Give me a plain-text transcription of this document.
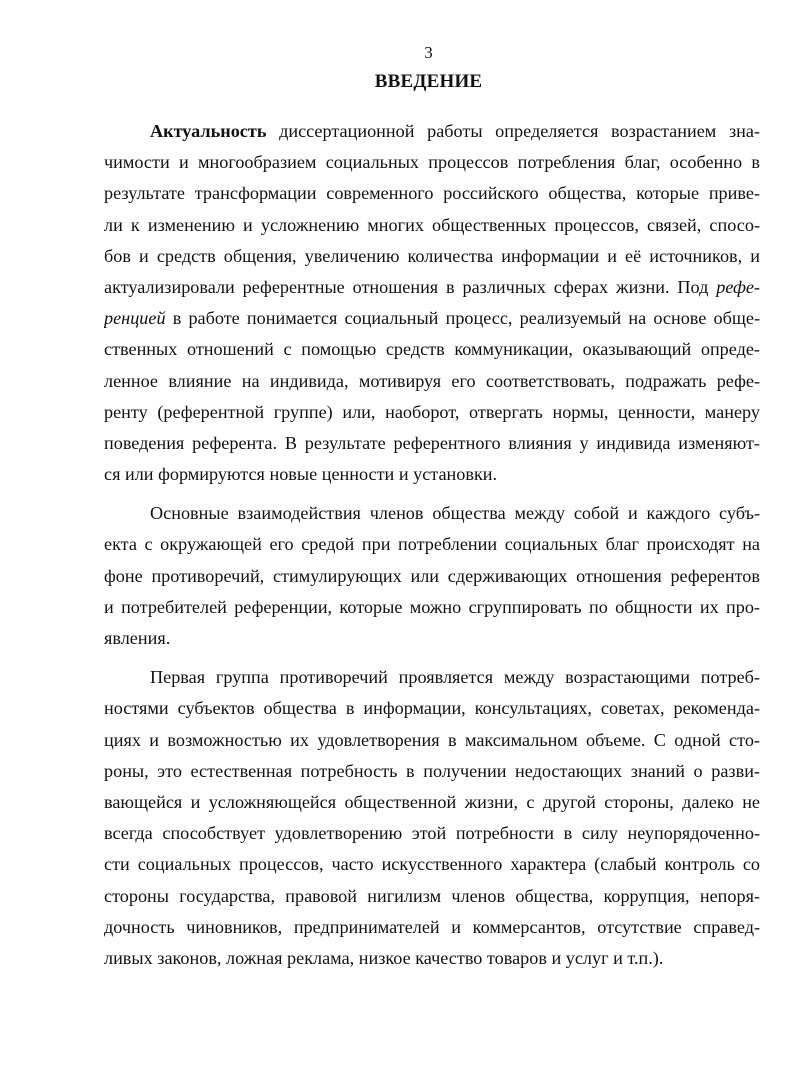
3
ВВЕДЕНИЕ
Актуальность диссертационной работы определяется возрастанием зна-
чимости и многообразием социальных процессов потребления благ, особенно в
результате трансформации современного российского общества, которые приве-
ли к изменению и усложнению многих общественных процессов, связей, спосо-
бов и средств общения, увеличению количества информации и её источников, и
актуализировали референтные отношения в различных сферах жизни. Под рефе-
ренцией в работе понимается социальный процесс, реализуемый на основе обще-
ственных отношений с помощью средств коммуникации, оказывающий опреде-
ленное влияние на индивида, мотивируя его соответствовать, подражать рефе-
ренту (референтной группе) или, наоборот, отвергать нормы, ценности, манеру
поведения референта. В результате референтного влияния у индивида изменяют-
ся или формируются новые ценности и установки.
Основные взаимодействия членов общества между собой и каждого субъ-
екта с окружающей его средой при потреблении социальных благ происходят на
фоне противоречий, стимулирующих или сдерживающих отношения референтов
и потребителей референции, которые можно сгруппировать по общности их про-
явления.
Первая группа противоречий проявляется между возрастающими потреб-
ностями субъектов общества в информации, консультациях, советах, рекоменда-
циях и возможностью их удовлетворения в максимальном объеме. С одной сто-
роны, это естественная потребность в получении недостающих знаний о разви-
вающейся и усложняющейся общественной жизни, с другой стороны, далеко не
всегда способствует удовлетворению этой потребности в силу неупорядоченно-
сти социальных процессов, часто искусственного характера (слабый контроль со
стороны государства, правовой нигилизм членов общества, коррупция, непоря-
дочность чиновников, предпринимателей и коммерсантов, отсутствие справед-
ливых законов, ложная реклама, низкое качество товаров и услуг и т.п.).
